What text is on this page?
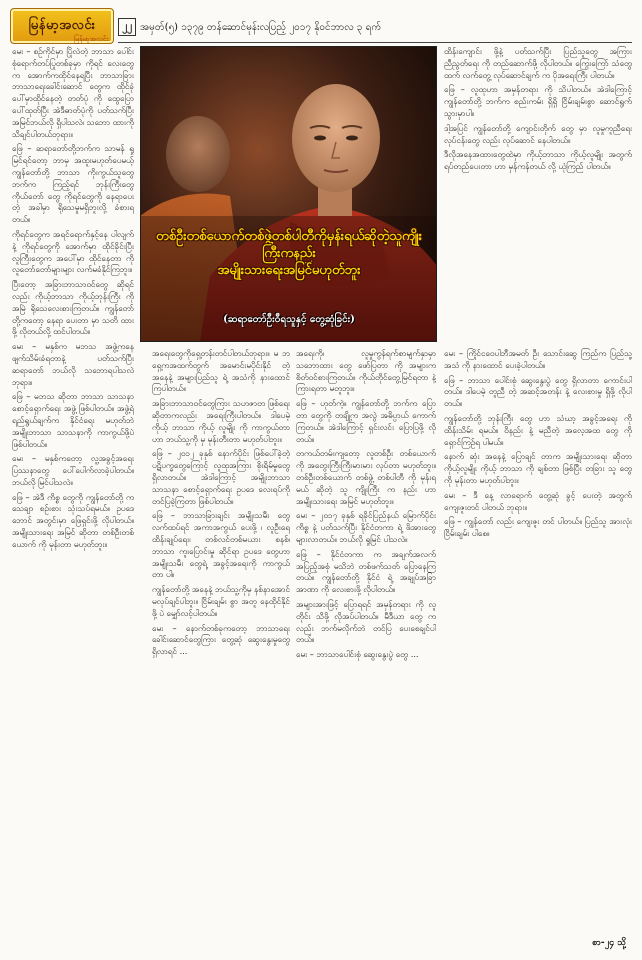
မြန်မာ့အလင်း
မြန်မာ့အလင်း
၂၂ အမှတ်(၅) ၁၃၇၉ တန်ဆောင်မုန်းလပြည့် ၂၀၁၇ နိုဝင်ဘာလ ၃ ရက်

မေး – စဉ်ကိုင်မှာ ပြိုလဲတဲ့ ဘာသာ ပေါင်းစုံရောက်တပ်ပြုတစ်ခုမှာ ကိုရင် လေးတွေက အောက်ကထိုင်နေရပြီး ဘာသာခြား ဘာသာရေးခေါင်းဆောင် တွေက ထိုင်ခုံပေါ်မှာထိုင်နေတဲ့ တတ်ပုံ ကို ထွေပြောပေါ်ထုတ်ပြီး အဲဒီဓာတ်ပုံကို ပတ်သက်ပြီး အမြင်ဘယ်လို ရှိပါသလဲ၊ သဘော ထားကို သိချင်ပါတယ်ဘုရား။

ဖြေ – ဆရာတော်တို့ဘက်က သာမန် ရှုမြင်ရင်တော့ ဘာမှ အထူးမဟုတ်ပေမယ့် ကျွန်တော်တို့ ဘာသာ ကိုးကွယ်သူတွေ ဘက်က ကြည့်ရင် ဘုန်းကြီးတွေ ကိုယ်တော် တွေ ကိုရင်တွေကို နေရာပေးတဲ့ အခါမှာ ရိုသေမှုမရှိဘူးလို့ ခံစားရတယ်။

ကိုရင်တွေက အရင်ရောက်နှင့်နေ ပါလျက်နဲ့ ကိုရင်တွေကို အောက်မှာ ထိုင်ခိုင်းပြီး လူကြီးတွေက အပေါ်မှာ ထိုင်နေတာ ကို လူတော်တော်များများ လက်မခံနိုင်ကြဘူး။

ပြီးတော့ အခြားဘာသာဝင်တွေ ဆိုရင်လည်း ကိုယ့်ဘာသာ ကိုယ့်ဘုန်းကြီး ကို အမြဲ ရိုသေလေးစားကြတယ်။ ကျွန်တော် တို့ကတော့ နေရာ ပေးတာ မှာ သတိ ထားဖို့ လိုတယ်လို့ ထင်ပါတယ်။

မေး – မနှစ်က မဘသ အဖွဲ့ကနေ ဖျက်သိမ်းခံရတာနဲ့ ပတ်သက်ပြီး ဆရာတော် ဘယ်လို သဘောရပါသလဲဘုရား။

ဖြေ – မဘသ ဆိုတာ ဘာသာ သာသနာ စောင့်ရှောက်ရေး အဖွဲ့ ဖြစ်ပါတယ်။ အဖွဲ့ရဲ့ ရည်ရွယ်ချက်က နိုင်ငံရေး မဟုတ်ဘဲ အမျိုးဘာသာ သာသနာကို ကာကွယ်ဖို့ပဲ ဖြစ်ပါတယ်။

မေး – မနှစ်ကတော့ လူ့အခွင့်အရေး ပြဿနာတွေ ပေါ်ပေါက်လာခဲ့ပါတယ်။ ဘယ်လို မြင်ပါသလဲ။

ဖြေ – အဲဒီ ကိစ္စ တွေကို ကျွန်တော်တို့ က သေချာ စဉ်းစား သုံးသပ်ရမယ်။ ဥပဒေ ဘောင် အတွင်းမှာ ဖြေရှင်းဖို့ လိုပါတယ်။ အမျိုးသားရေး အမြင် ဆိုတာ တစ်ဦးတစ်ယောက် ကို မုန်းတာ မဟုတ်ဘူး။

တစ်ဦးတစ်ယောက်တစ်ဖွဲ့တစ်ပါတီကိုမှန်းရယ်ဆိုတဲ့သူကျိုးကြီးကနည်း
အမျိုးသားရေးအမြင်မဟုတ်ဘူး
(ဆရာတော်ဦးဝီရသူနှင့် တွေ့ဆုံခြင်း)

အရေးတွေကိုရှေ့တန်းတင်ပါတယ်ဘုရား။ မ ဘ ရှေ့ကအထက်တွက် အမောင်းမပိုင်းနိုင် တဲ့ အနေနဲ့ အများပြည်သူ ရဲ့ အသံကို နားထောင် ကြပါတယ်။

အခြားဘာသာဝင်တွေကြား သဟဇာတ ဖြစ်ရေး ဆိုတာကလည်း အရေးကြီးပါတယ်။ ဒါပေမဲ့ ကိုယ့် ဘာသာ ကိုယ့် လူမျိုး ကို ကာကွယ်တာ ဟာ ဘယ်သူ့ကို မှ မုန်းတီးတာ မဟုတ်ပါဘူး။

ဖြေ – ၂၀၁၂ ခုနှစ် နောက်ပိုင်း ဖြစ်ပေါ်ခဲ့တဲ့ ပဋိပက္ခတွေကြောင့် လူထုအကြား စိုးရိမ်မှုတွေ ရှိလာတယ်။ အဲဒါကြောင့် အမျိုးဘာသာ သာသနာ စောင့်ရှောက်ရေး ဥပဒေ လေးရပ်ကို တင်ပြခဲ့ကြတာ ဖြစ်ပါတယ်။

ဖြေ – ဘာသာခြားချင်း အမျိုးသမီး တွေ လက်ထပ်ရင် အကာအကွယ် ပေးဖို့ ၊ လူဦးရေ ထိန်းချုပ်ရေး၊ တစ်လင်တစ်မယား စနစ်၊ ဘာသာ ကူးပြောင်းမှု ဆိုင်ရာ ဥပဒေ တွေဟာ အမျိုးသမီး တွေရဲ့ အခွင့်အရေးကို ကာကွယ်တာ ပါ။

ကျွန်တော်တို့ အနေနဲ့ ဘယ်သူ့ကိုမှ နစ်နာအောင် မလုပ်ချင်ပါဘူး။ ငြိမ်းချမ်း စွာ အတူ နေထိုင်နိုင်ဖို့ ပဲ မျှော်လင့်ပါတယ်။

မေး – နောက်တစ်ခုကတော့ ဘာသာရေး ခေါင်းဆောင်တွေကြား တွေ့ဆုံ ဆွေးနွေးမှုတွေ ရှိလာရင် ...

အရေးကို၊ လူမှုကွန်ရက်စာမျက်နှာမှာ သဘောထား တွေ ဖော်ပြတာ ကို အများက စိတ်ဝင်စားကြတယ်။ ကိုယ်တိုင်တွေ့မြင်ရတာ နဲ့ ကြားရတာ မတူဘူး။

ဖြေ – ဟုတ်ကဲ့။ ကျွန်တော်တို့ ဘက်က ပြောတာ တွေကို တချို့က အလွဲ အဓိပ္ပာယ် ကောက်ကြတယ်။ အဲဒါကြောင့် ရှင်းလင်း ပြောပြဖို့ လိုတယ်။

တကယ်တမ်းကျတော့ လူတစ်ဦး တစ်ယောက် ကို အတွေးကြီးကြီးမားမား လုပ်တာ မဟုတ်ဘူး။ တစ်ဦးတစ်ယောက် တစ်ဖွဲ့ တစ်ပါတီ ကို မုန်းရမယ် ဆိုတဲ့ သူ ကျိုးကြီး က နည်း ဟာ အမျိုးသားရေး အမြင် မဟုတ်ဘူး။

မေး – ၂၀၁၇ ခုနှစ် ရခိုင်ပြည်နယ် မြောက်ပိုင်း ကိစ္စ နဲ့ ပတ်သက်ပြီး နိုင်ငံတကာ ရဲ့ ဖိအားတွေ များလာတယ်။ ဘယ်လို ရှုမြင် ပါသလဲ။

ဖြေ – နိုင်ငံတကာ က အချက်အလက် အပြည့်အစုံ မသိဘဲ တစ်ဖက်သတ် ပြောနေကြတယ်။ ကျွန်တော်တို့ နိုင်ငံ ရဲ့ အချုပ်အခြာ အာဏာ ကို လေးစားဖို့ လိုပါတယ်။

အများအားဖြင့် ပြောရရင် အမှန်တရား ကို လူတိုင်း သိဖို့ လိုအပ်ပါတယ်။ မီဒီယာ တွေ ကလည်း ဘက်မလိုက်ဘဲ တင်ပြ ပေးစေချင်ပါတယ်။

မေး – ဘာသာပေါင်းစုံ ဆွေးနွေးပွဲ တွေ ...

ထိန်းကျောင်း ဖို့နဲ့ ပတ်သက်ပြီး ပြည်သူတွေ အကြား ညီညွတ်ရေး ကို တည်ဆောက်ဖို့ လိုပါတယ်။ ကြွေးကြော် သံတွေ ထက် လက်တွေ့ လုပ်ဆောင်ချက် က ပိုအရေးကြီး ပါတယ်။

ဖြေ – လူထုဟာ အမှန်တရား ကို သိပါတယ်။ အဲဒါကြောင့် ကျွန်တော်တို့ ဘက်က စည်းကမ်း ရှိရှိ ငြိမ်းချမ်းစွာ ဆောင်ရွက် သွားမှာပါ။

ဒါ့အပြင် ကျွန်တော်တို့ ကျောင်းတိုက် တွေ မှာ လူမှုကူညီရေး လုပ်ငန်းတွေ လည်း လုပ်ဆောင် နေပါတယ်။

ဒီလိုအနေအထားတွေထဲမှာ ကိုယ့်ဘာသာ ကိုယ့်လူမျိုး အတွက် ရပ်တည်ပေးတာ ဟာ မှန်ကန်တယ် လို့ ယုံကြည် ပါတယ်။

မေး – ကြိုင်ငဝေပါဘီအမတ် ဦး သောင်းဆွေ ကြည်က ပြည်သူ့ အသံ ကို နားထောင် ပေးခဲ့ပါတယ်။

ဖြေ – ဘာသာ ပေါင်းစုံ ဆွေးနွေးပွဲ တွေ ရှိလာတာ ကောင်းပါတယ်။ ဒါပေမဲ့ တူညီ တဲ့ အဆင့်အတန်း နဲ့ လေးစားမှု ရှိဖို့ လိုပါတယ်။

ကျွန်တော်တို့ ဘုန်းကြီး တွေ ဟာ သံဃာ့ အခွင့်အရေး ကို ထိန်းသိမ်း ရမယ်။ ဝိနည်း နဲ့ မညီတဲ့ အလေ့အထ တွေ ကို ရှောင်ကြဉ်ရ ပါမယ်။

နောက် ဆုံး အနေနဲ့ ပြောချင် တာက အမျိုးသားရေး ဆိုတာ ကိုယ့်လူမျိုး ကိုယ့် ဘာသာ ကို ချစ်တာ ဖြစ်ပြီး တခြား သူ တွေ ကို မုန်းတာ မဟုတ်ပါဘူး။

မေး – ဒီ နေ့ လာရောက် တွေ့ဆုံ ခွင့် ပေးတဲ့ အတွက် ကျေးဇူးတင် ပါတယ် ဘုရား။

ဖြေ – ကျွန်တော် လည်း ကျေးဇူး တင် ပါတယ်။ ပြည်သူ အားလုံး ငြိမ်းချမ်း ပါစေ။

စာ-၂၄ သို့
